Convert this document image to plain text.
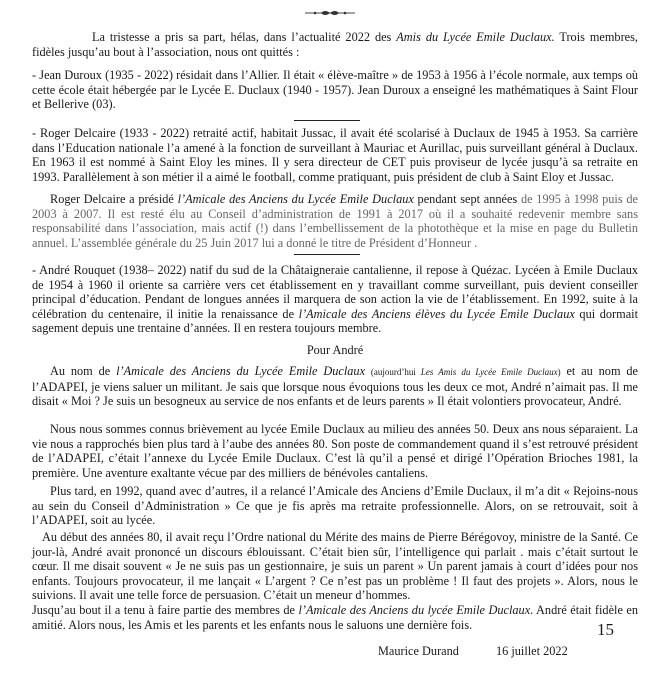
La tristesse a pris sa part, hélas, dans l’actualité 2022 des Amis du Lycée Emile Duclaux. Trois membres, fidèles jusqu’au bout à l’association, nous ont quittés :

- Jean Duroux (1935 - 2022) résidait dans l’Allier. Il était « élève-maître » de 1953 à 1956 à l’école normale, aux temps où cette école était hébergée par le Lycée E. Duclaux (1940 - 1957). Jean Duroux a enseigné les mathématiques à Saint Flour et Bellerive (03).

- Roger Delcaire (1933 - 2022) retraité actif, habitait Jussac, il avait été scolarisé à Duclaux de 1945 à 1953. Sa carrière dans l’Education nationale l’a amené à la fonction de surveillant à Mauriac et Aurillac, puis surveillant général à Duclaux. En 1963 il est nommé à Saint Eloy les mines. Il y sera directeur de CET puis proviseur de lycée jusqu’à sa retraite en 1993. Parallèlement à son métier il a aimé le football, comme pratiquant, puis président de club à Saint Eloy et Jussac.

Roger Delcaire a présidé l’Amicale des Anciens du Lycée Emile Duclaux pendant sept années de 1995 à 1998 puis de 2003 à 2007. Il est resté élu au Conseil d’administration de 1991 à 2017 où il a souhaité redevenir membre sans responsabilité dans l’association, mais actif (!) dans l’embellissement de la photothèque et la mise en page du Bulletin annuel. L’assemblée générale du 25 Juin 2017 lui a donné le titre de Président d’Honneur .

- André Rouquet (1938– 2022) natif du sud de la Châtaigneraie cantalienne, il repose à Quézac. Lycéen à Emile Duclaux de 1954 à 1960 il oriente sa carrière vers cet établissement en y travaillant comme surveillant, puis devient conseiller principal d’éducation. Pendant de longues années il marquera de son action la vie de l’établissement. En 1992, suite à la célébration du centenaire, il initie la renaissance de l’Amicale des Anciens élèves du Lycée Emile Duclaux qui dormait sagement depuis une trentaine d’années. Il en restera toujours membre.

Pour André

Au nom de l’Amicale des Anciens du Lycée Emile Duclaux (aujourd’hui Les Amis du Lycée Emile Duclaux) et au nom de l’ADAPEI, je viens saluer un militant. Je sais que lorsque nous évoquions tous les deux ce mot, André n’aimait pas. Il me disait « Moi ? Je suis un besogneux au service de nos enfants et de leurs parents » Il était volontiers provocateur, André.

Nous nous sommes connus brièvement au lycée Emile Duclaux au milieu des années 50. Deux ans nous séparaient. La vie nous a rapprochés bien plus tard à l’aube des années 80. Son poste de commandement quand il s’est retrouvé président de l’ADAPEI, c’était l’annexe du Lycée Emile Duclaux. C’est là qu’il a pensé et dirigé l’Opération Brioches 1981, la première. Une aventure exaltante vécue par des milliers de bénévoles cantaliens.

Plus tard, en 1992, quand avec d’autres, il a relancé l’Amicale des Anciens d’Emile Duclaux, il m’a dit « Rejoins-nous au sein du Conseil d’Administration » Ce que je fis après ma retraite professionnelle. Alors, on se retrouvait, soit à l’ADAPEI, soit au lycée.

Au début des années 80, il avait reçu l’Ordre national du Mérite des mains de Pierre Bérégovoy, ministre de la Santé. Ce jour-là, André avait prononcé un discours éblouissant. C’était bien sûr, l’intelligence qui parlait . mais c’était surtout le cœur. Il me disait souvent « Je ne suis pas un gestionnaire, je suis un parent » Un parent jamais à court d’idées pour nos enfants. Toujours provocateur, il me lançait « L’argent ? Ce n’est pas un problème ! Il faut des projets ». Alors, nous le suivions. Il avait une telle force de persuasion. C’était un meneur d’hommes.

Jusqu’au bout il a tenu à faire partie des membres de l’Amicale des Anciens du lycée Emile Duclaux. André était fidèle en amitié. Alors nous, les Amis et les parents et les enfants nous le saluons une dernière fois.	15
Maurice Durand	16 juillet 2022
